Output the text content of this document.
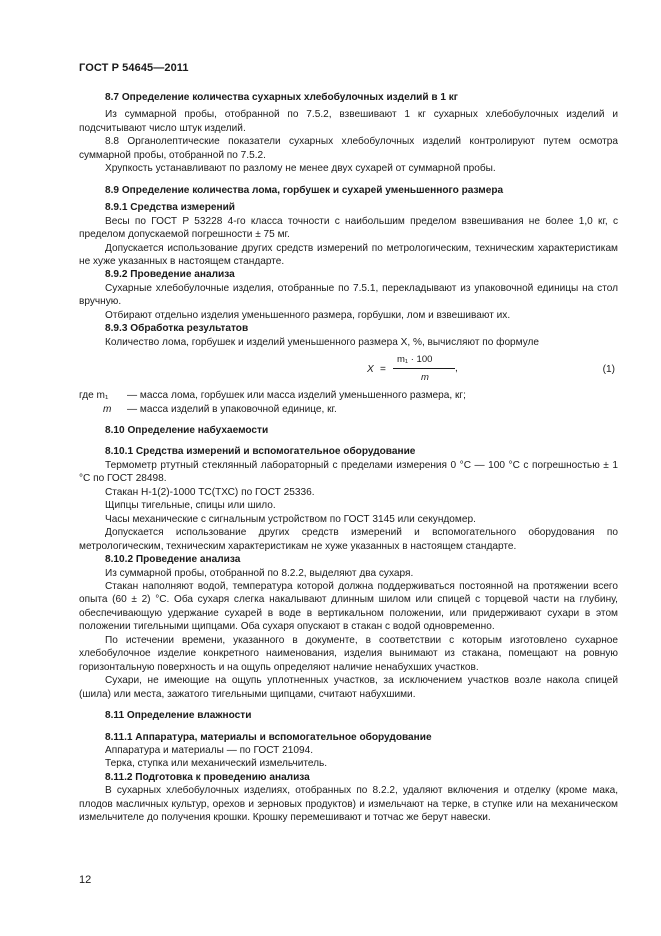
ГОСТ Р 54645—2011

8.7 Определение количества сухарных хлебобулочных изделий в 1 кг

Из суммарной пробы, отобранной по 7.5.2, взвешивают 1 кг сухарных хлебобулочных изделий и подсчитывают число штук изделий.

8.8 Органолептические показатели сухарных хлебобулочных изделий контролируют путем осмотра суммарной пробы, отобранной по 7.5.2.

Хрупкость устанавливают по разлому не менее двух сухарей от суммарной пробы.

8.9 Определение количества лома, горбушек и сухарей уменьшенного размера

8.9.1 Средства измерений

Весы по ГОСТ Р 53228 4-го класса точности с наибольшим пределом взвешивания не более 1,0 кг, с пределом допускаемой погрешности ± 75 мг.

Допускается использование других средств измерений по метрологическим, техническим характеристикам не хуже указанных в настоящем стандарте.

8.9.2 Проведение анализа

Сухарные хлебобулочные изделия, отобранные по 7.5.1, перекладывают из упаковочной единицы на стол вручную.

Отбирают отдельно изделия уменьшенного размера, горбушки, лом и взвешивают их.

8.9.3 Обработка результатов

Количество лома, горбушек и изделий уменьшенного размера X, %, вычисляют по формуле

X =
m₁ · 100
,
m
(1)
где m₁ — масса лома, горбушек или масса изделий уменьшенного размера, кг;
m — масса изделий в упаковочной единице, кг.

8.10 Определение набухаемости

8.10.1 Средства измерений и вспомогательное оборудование

Термометр ртутный стеклянный лабораторный с пределами измерения 0 °С — 100 °С с погрешностью ± 1 °С по ГОСТ 28498.

Стакан Н-1(2)-1000 ТС(ТХС) по ГОСТ 25336.

Щипцы тигельные, спицы или шило.

Часы механические с сигнальным устройством по ГОСТ 3145 или секундомер.

Допускается использование других средств измерений и вспомогательного оборудования по метрологическим, техническим характеристикам не хуже указанных в настоящем стандарте.

8.10.2 Проведение анализа

Из суммарной пробы, отобранной по 8.2.2, выделяют два сухаря.

Стакан наполняют водой, температура которой должна поддерживаться постоянной на протяжении всего опыта (60 ± 2) °С. Оба сухаря слегка накалывают длинным шилом или спицей с торцевой части на глубину, обеспечивающую удержание сухарей в воде в вертикальном положении, или придерживают сухари в этом положении тигельными щипцами. Оба сухаря опускают в стакан с водой одновременно.

По истечении времени, указанного в документе, в соответствии с которым изготовлено сухарное хлебобулочное изделие конкретного наименования, изделия вынимают из стакана, помещают на ровную горизонтальную поверхность и на ощупь определяют наличие ненабухших участков.

Сухари, не имеющие на ощупь уплотненных участков, за исключением участков возле накола спицей (шила) или места, зажатого тигельными щипцами, считают набухшими.

8.11 Определение влажности

8.11.1 Аппаратура, материалы и вспомогательное оборудование

Аппаратура и материалы — по ГОСТ 21094.

Терка, ступка или механический измельчитель.

8.11.2 Подготовка к проведению анализа

В сухарных хлебобулочных изделиях, отобранных по 8.2.2, удаляют включения и отделку (кроме мака, плодов масличных культур, орехов и зерновых продуктов) и измельчают на терке, в ступке или на механическом измельчителе до получения крошки. Крошку перемешивают и тотчас же берут навески.

12
